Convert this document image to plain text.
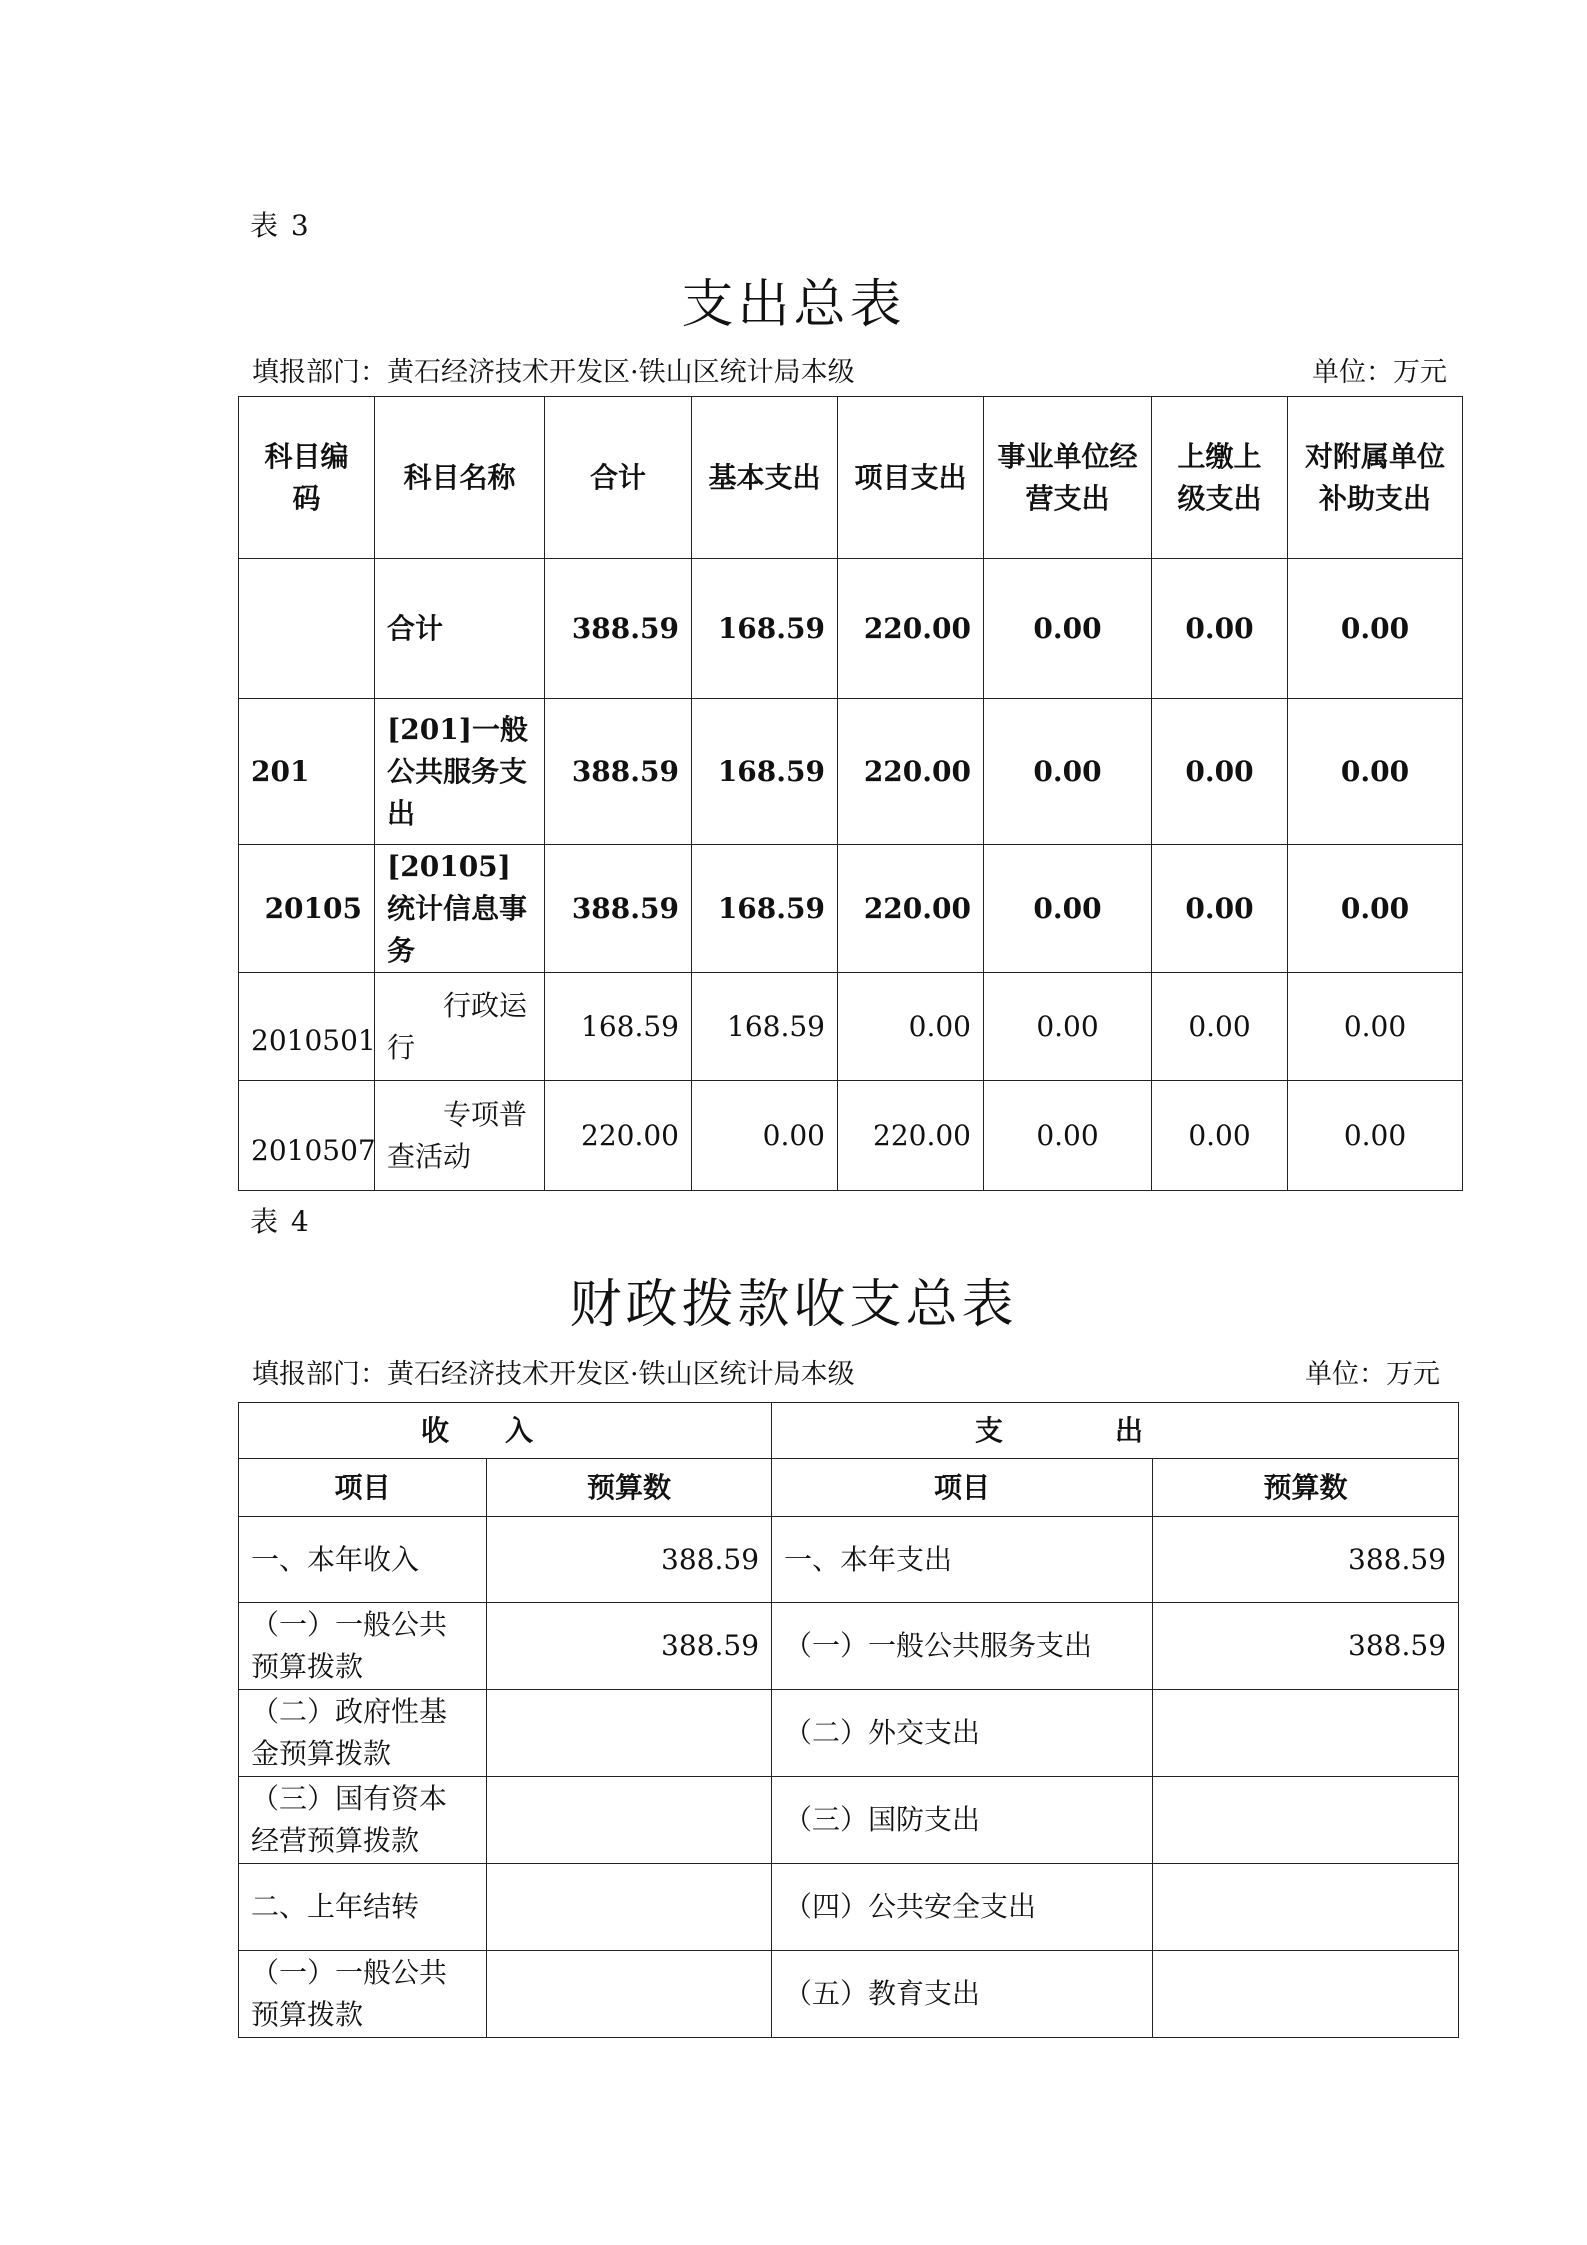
表 3
支出总表
填报部门：黄石经济技术开发区·铁山区统计局本级	单位：万元
科目编码	科目名称	合计	基本支出	项目支出	事业单位经营支出	上缴上级支出	对附属单位补助支出
	合计	388.59	168.59	220.00	0.00	0.00	0.00
201	[201]一般公共服务支出	388.59	168.59	220.00	0.00	0.00	0.00
20105	[20105]统计信息事务	388.59	168.59	220.00	0.00	0.00	0.00
2010501	行政运行	168.59	168.59	0.00	0.00	0.00	0.00
2010507	专项普查活动	220.00	0.00	220.00	0.00	0.00	0.00
表 4
财政拨款收支总表
填报部门：黄石经济技术开发区·铁山区统计局本级	单位：万元
收入		支出	
项目	预算数	项目	预算数
一、本年收入	388.59	一、本年支出	388.59
（一）一般公共预算拨款	388.59	（一）一般公共服务支出	388.59
（二）政府性基金预算拨款		（二）外交支出	
（三）国有资本经营预算拨款		（三）国防支出	
二、上年结转		（四）公共安全支出	
（一）一般公共预算拨款		（五）教育支出	
